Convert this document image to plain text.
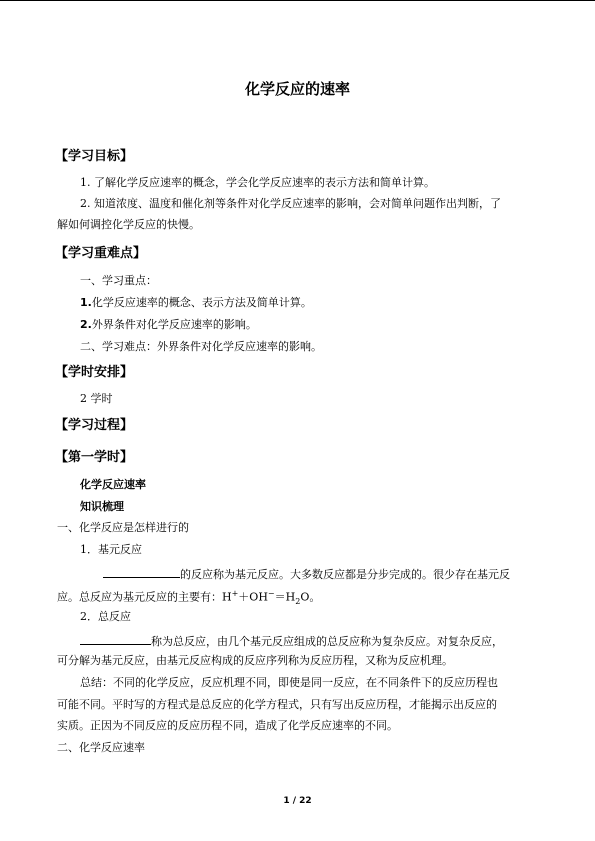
化学反应的速率
【学习目标】
1. 了解化学反应速率的概念，学会化学反应速率的表示方法和简单计算。
2. 知道浓度、温度和催化剂等条件对化学反应速率的影响，会对简单问题作出判断，了
解如何调控化学反应的快慢。
【学习重难点】
一、学习重点：
1.化学反应速率的概念、表示方法及简单计算。
2.外界条件对化学反应速率的影响。
二、学习难点：外界条件对化学反应速率的影响。
【学时安排】
2 学时
【学习过程】
【第一学时】
化学反应速率
知识梳理
一、化学反应是怎样进行的
1．基元反应
的反应称为基元反应。大多数反应都是分步完成的。很少存在基元反
应。总反应为基元反应的主要有：$H^++OH^-=H_2O$。
2．总反应
称为总反应，由几个基元反应组成的总反应称为复杂反应。对复杂反应，
可分解为基元反应，由基元反应构成的反应序列称为反应历程，又称为反应机理。
总结：不同的化学反应，反应机理不同，即使是同一反应，在不同条件下的反应历程也
可能不同。平时写的方程式是总反应的化学方程式，只有写出反应历程，才能揭示出反应的
实质。正因为不同反应的反应历程不同，造成了化学反应速率的不同。
二、化学反应速率
1 / 22
